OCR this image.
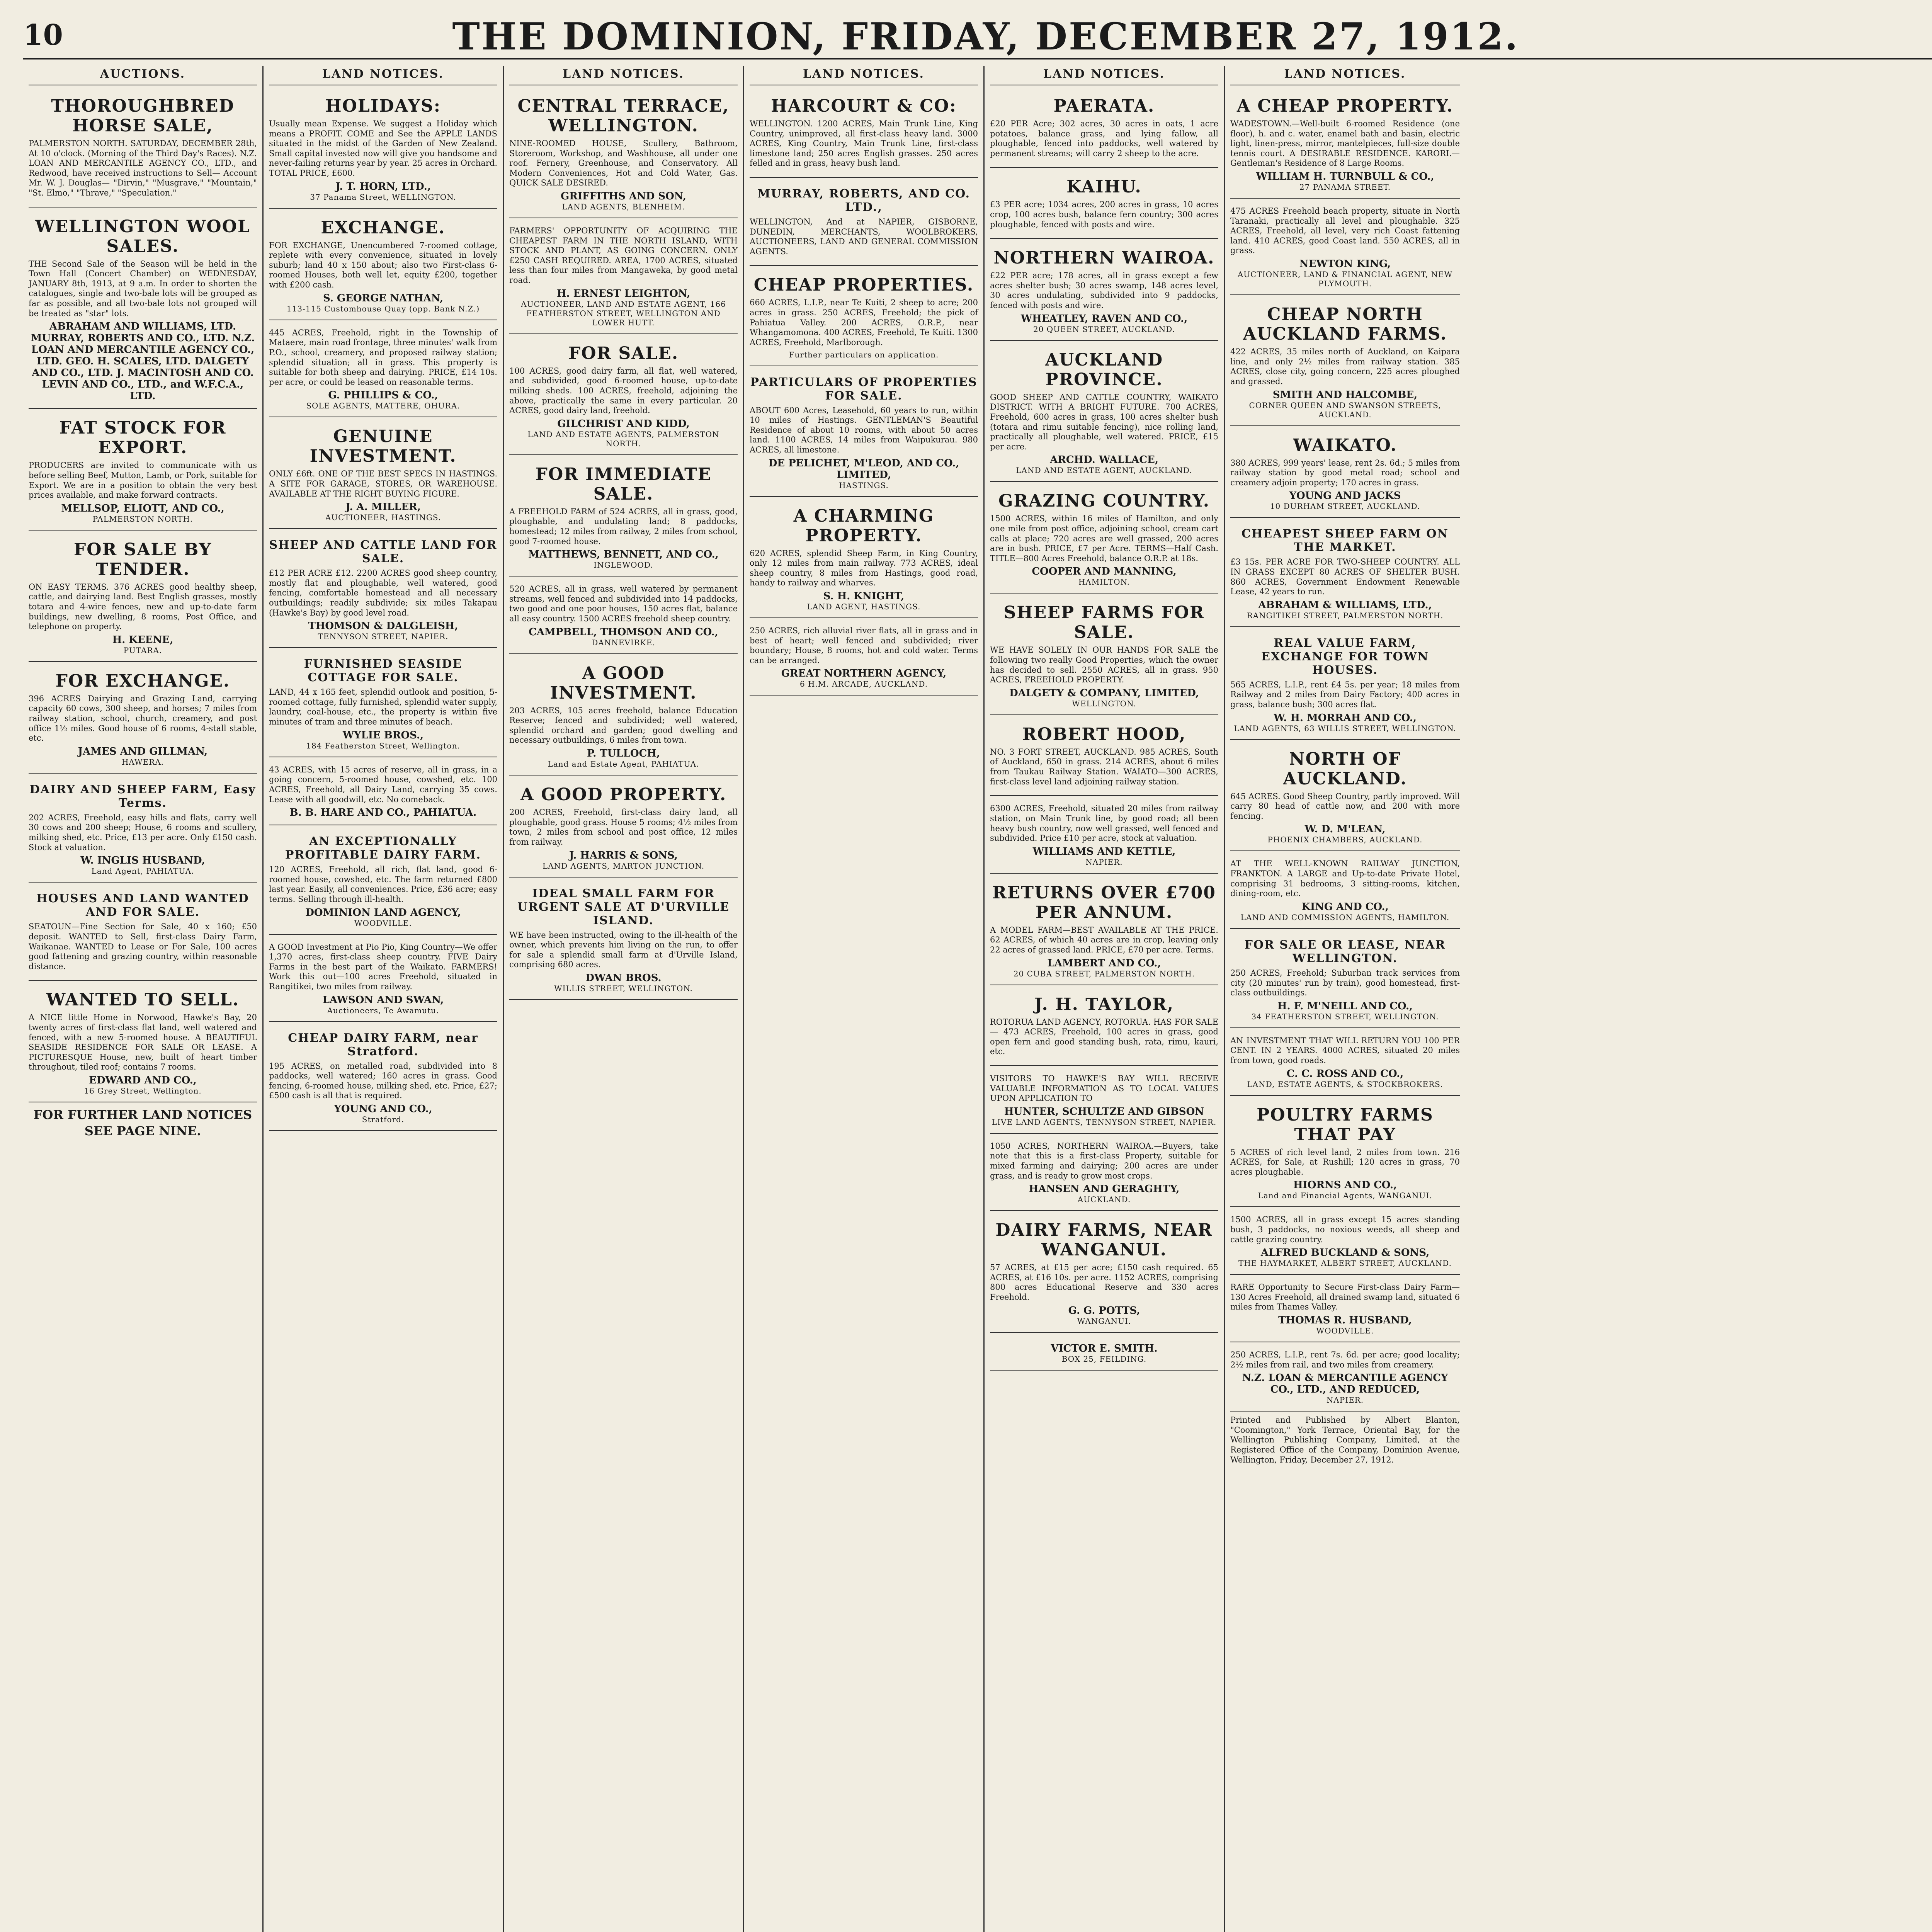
10	THE DOMINION, FRIDAY, DECEMBER 27, 1912.
AUCTIONS.
THOROUGHBRED HORSE SALE,
PALMERSTON NORTH. SATURDAY, DECEMBER 28th, At 10 o'clock. (Morning of the Third Day's Races). N.Z. LOAN AND MERCANTILE AGENCY CO., LTD., and Redwood, have received instructions to Sell— Account Mr. W. J. Douglas— "Dirvin," "Musgrave," "Mountain," "St. Elmo," "Thrave," "Speculation."
WELLINGTON WOOL SALES.
THE Second Sale of the Season will be held in the Town Hall (Concert Chamber) on WEDNESDAY, JANUARY 8th, 1913, at 9 a.m. In order to shorten the catalogues, single and two-bale lots will be grouped as far as possible, and all two-bale lots not grouped will be treated as "star" lots.
ABRAHAM AND WILLIAMS, LTD. MURRAY, ROBERTS AND CO., LTD. N.Z. LOAN AND MERCANTILE AGENCY CO., LTD. GEO. H. SCALES, LTD. DALGETY AND CO., LTD. J. MACINTOSH AND CO. LEVIN AND CO., LTD., and W.F.C.A., LTD.
FAT STOCK FOR EXPORT.
PRODUCERS are invited to communicate with us before selling Beef, Mutton, Lamb, or Pork, suitable for Export. We are in a position to obtain the very best prices available, and make forward contracts.
MELLSOP, ELIOTT, AND CO.,
PALMERSTON NORTH.
FOR SALE BY TENDER.
ON EASY TERMS. 376 ACRES good healthy sheep, cattle, and dairying land. Best English grasses, mostly totara and 4-wire fences, new and up-to-date farm buildings, new dwelling, 8 rooms, Post Office, and telephone on property.
H. KEENE,
PUTARA.
FOR EXCHANGE.
396 ACRES Dairying and Grazing Land, carrying capacity 60 cows, 300 sheep, and horses; 7 miles from railway station, school, church, creamery, and post office 1½ miles. Good house of 6 rooms, 4-stall stable, etc.
JAMES AND GILLMAN,
HAWERA.
DAIRY AND SHEEP FARM, Easy Terms.
202 ACRES, Freehold, easy hills and flats, carry well 30 cows and 200 sheep; House, 6 rooms and scullery, milking shed, etc. Price, £13 per acre. Only £150 cash. Stock at valuation.
W. INGLIS HUSBAND,
Land Agent, PAHIATUA.
HOUSES AND LAND WANTED AND FOR SALE.
SEATOUN—Fine Section for Sale, 40 x 160; £50 deposit. WANTED to Sell, first-class Dairy Farm, Waikanae. WANTED to Lease or For Sale, 100 acres good fattening and grazing country, within reasonable distance.
WANTED TO SELL.
A NICE little Home in Norwood, Hawke's Bay, 20 twenty acres of first-class flat land, well watered and fenced, with a new 5-roomed house. A BEAUTIFUL SEASIDE RESIDENCE FOR SALE OR LEASE. A PICTURESQUE House, new, built of heart timber throughout, tiled roof; contains 7 rooms.
EDWARD AND CO.,
16 Grey Street, Wellington.
FOR FURTHER LAND NOTICES SEE PAGE NINE.
LAND NOTICES.
HOLIDAYS:
Usually mean Expense. We suggest a Holiday which means a PROFIT. COME and See the APPLE LANDS situated in the midst of the Garden of New Zealand. Small capital invested now will give you handsome and never-failing returns year by year. 25 acres in Orchard. TOTAL PRICE, £600.
J. T. HORN, LTD.,
37 Panama Street, WELLINGTON.
EXCHANGE.
FOR EXCHANGE, Unencumbered 7-roomed cottage, replete with every convenience, situated in lovely suburb; land 40 x 150 about; also two First-class 6-roomed Houses, both well let, equity £200, together with £200 cash.
S. GEORGE NATHAN,
113-115 Customhouse Quay (opp. Bank N.Z.)
445 ACRES, Freehold, right in the Township of Mataere, main road frontage, three minutes' walk from P.O., school, creamery, and proposed railway station; splendid situation; all in grass. This property is suitable for both sheep and dairying. PRICE, £14 10s. per acre, or could be leased on reasonable terms.
G. PHILLIPS & CO.,
SOLE AGENTS, MATTERE, OHURA.
GENUINE INVESTMENT.
ONLY £6ft. ONE OF THE BEST SPECS IN HASTINGS. A SITE FOR GARAGE, STORES, OR WAREHOUSE. AVAILABLE AT THE RIGHT BUYING FIGURE.
J. A. MILLER,
AUCTIONEER, HASTINGS.
SHEEP AND CATTLE LAND FOR SALE.
£12 PER ACRE £12. 2200 ACRES good sheep country, mostly flat and ploughable, well watered, good fencing, comfortable homestead and all necessary outbuildings; readily subdivide; six miles Takapau (Hawke's Bay) by good level road.
THOMSON & DALGLEISH,
TENNYSON STREET, NAPIER.
FURNISHED SEASIDE COTTAGE FOR SALE.
LAND, 44 x 165 feet, splendid outlook and position, 5-roomed cottage, fully furnished, splendid water supply, laundry, coal-house, etc., the property is within five minutes of tram and three minutes of beach.
WYLIE BROS.,
184 Featherston Street, Wellington.
43 ACRES, with 15 acres of reserve, all in grass, in a going concern, 5-roomed house, cowshed, etc. 100 ACRES, Freehold, all Dairy Land, carrying 35 cows. Lease with all goodwill, etc. No comeback.
B. B. HARE AND CO., PAHIATUA.
AN EXCEPTIONALLY PROFITABLE DAIRY FARM.
120 ACRES, Freehold, all rich, flat land, good 6-roomed house, cowshed, etc. The farm returned £800 last year. Easily, all conveniences. Price, £36 acre; easy terms. Selling through ill-health.
DOMINION LAND AGENCY,
WOODVILLE.
A GOOD Investment at Pio Pio, King Country—We offer 1,370 acres, first-class sheep country. FIVE Dairy Farms in the best part of the Waikato. FARMERS! Work this out—100 acres Freehold, situated in Rangitikei, two miles from railway.
LAWSON AND SWAN,
Auctioneers, Te Awamutu.
CHEAP DAIRY FARM, near Stratford.
195 ACRES, on metalled road, subdivided into 8 paddocks, well watered; 160 acres in grass. Good fencing, 6-roomed house, milking shed, etc. Price, £27; £500 cash is all that is required.
YOUNG AND CO.,
Stratford.
LAND NOTICES.
CENTRAL TERRACE, WELLINGTON.
NINE-ROOMED HOUSE, Scullery, Bathroom, Storeroom, Workshop, and Washhouse, all under one roof. Fernery, Greenhouse, and Conservatory. All Modern Conveniences, Hot and Cold Water, Gas. QUICK SALE DESIRED.
GRIFFITHS AND SON,
LAND AGENTS, BLENHEIM.
FARMERS' OPPORTUNITY OF ACQUIRING THE CHEAPEST FARM IN THE NORTH ISLAND, WITH STOCK AND PLANT, AS GOING CONCERN. ONLY £250 CASH REQUIRED. AREA, 1700 ACRES, situated less than four miles from Mangaweka, by good metal road.
H. ERNEST LEIGHTON,
AUCTIONEER, LAND AND ESTATE AGENT, 166 FEATHERSTON STREET, WELLINGTON AND LOWER HUTT.
FOR SALE.
100 ACRES, good dairy farm, all flat, well watered, and subdivided, good 6-roomed house, up-to-date milking sheds. 100 ACRES, freehold, adjoining the above, practically the same in every particular. 20 ACRES, good dairy land, freehold.
GILCHRIST AND KIDD,
LAND AND ESTATE AGENTS, PALMERSTON NORTH.
FOR IMMEDIATE SALE.
A FREEHOLD FARM of 524 ACRES, all in grass, good, ploughable, and undulating land; 8 paddocks, homestead; 12 miles from railway, 2 miles from school, good 7-roomed house.
MATTHEWS, BENNETT, AND CO.,
INGLEWOOD.
520 ACRES, all in grass, well watered by permanent streams, well fenced and subdivided into 14 paddocks, two good and one poor houses, 150 acres flat, balance all easy country. 1500 ACRES freehold sheep country.
CAMPBELL, THOMSON AND CO.,
DANNEVIRKE.
A GOOD INVESTMENT.
203 ACRES, 105 acres freehold, balance Education Reserve; fenced and subdivided; well watered, splendid orchard and garden; good dwelling and necessary outbuildings, 6 miles from town.
P. TULLOCH,
Land and Estate Agent, PAHIATUA.
A GOOD PROPERTY.
200 ACRES, Freehold, first-class dairy land, all ploughable, good grass. House 5 rooms; 4½ miles from town, 2 miles from school and post office, 12 miles from railway.
J. HARRIS & SONS,
LAND AGENTS, MARTON JUNCTION.
IDEAL SMALL FARM FOR URGENT SALE AT D'URVILLE ISLAND.
WE have been instructed, owing to the ill-health of the owner, which prevents him living on the run, to offer for sale a splendid small farm at d'Urville Island, comprising 680 acres.
DWAN BROS.
WILLIS STREET, WELLINGTON.
LAND NOTICES.
HARCOURT & CO:
WELLINGTON. 1200 ACRES, Main Trunk Line, King Country, unimproved, all first-class heavy land. 3000 ACRES, King Country, Main Trunk Line, first-class limestone land; 250 acres English grasses. 250 acres felled and in grass, heavy bush land.
MURRAY, ROBERTS, AND CO. LTD.,
WELLINGTON, And at NAPIER, GISBORNE, DUNEDIN, MERCHANTS, WOOLBROKERS, AUCTIONEERS, LAND AND GENERAL COMMISSION AGENTS.
CHEAP PROPERTIES.
660 ACRES, L.I.P., near Te Kuiti, 2 sheep to acre; 200 acres in grass. 250 ACRES, Freehold; the pick of Pahiatua Valley. 200 ACRES, O.R.P., near Whangamomona. 400 ACRES, Freehold, Te Kuiti. 1300 ACRES, Freehold, Marlborough.
Further particulars on application.
PARTICULARS OF PROPERTIES FOR SALE.
ABOUT 600 Acres, Leasehold, 60 years to run, within 10 miles of Hastings. GENTLEMAN'S Beautiful Residence of about 10 rooms, with about 50 acres land. 1100 ACRES, 14 miles from Waipukurau. 980 ACRES, all limestone.
DE PELICHET, M'LEOD, AND CO., LIMITED,
HASTINGS.
A CHARMING PROPERTY.
620 ACRES, splendid Sheep Farm, in King Country, only 12 miles from main railway. 773 ACRES, ideal sheep country, 8 miles from Hastings, good road, handy to railway and wharves.
S. H. KNIGHT,
LAND AGENT, HASTINGS.
250 ACRES, rich alluvial river flats, all in grass and in best of heart; well fenced and subdivided; river boundary; House, 8 rooms, hot and cold water. Terms can be arranged.
GREAT NORTHERN AGENCY,
6 H.M. ARCADE, AUCKLAND.
LAND NOTICES.
PAERATA.
£20 PER Acre; 302 acres, 30 acres in oats, 1 acre potatoes, balance grass, and lying fallow, all ploughable, fenced into paddocks, well watered by permanent streams; will carry 2 sheep to the acre.
KAIHU.
£3 PER acre; 1034 acres, 200 acres in grass, 10 acres crop, 100 acres bush, balance fern country; 300 acres ploughable, fenced with posts and wire.
NORTHERN WAIROA.
£22 PER acre; 178 acres, all in grass except a few acres shelter bush; 30 acres swamp, 148 acres level, 30 acres undulating, subdivided into 9 paddocks, fenced with posts and wire.
WHEATLEY, RAVEN AND CO.,
20 QUEEN STREET, AUCKLAND.
AUCKLAND PROVINCE.
GOOD SHEEP AND CATTLE COUNTRY, WAIKATO DISTRICT. WITH A BRIGHT FUTURE. 700 ACRES, Freehold, 600 acres in grass, 100 acres shelter bush (totara and rimu suitable fencing), nice rolling land, practically all ploughable, well watered. PRICE, £15 per acre.
ARCHD. WALLACE,
LAND AND ESTATE AGENT, AUCKLAND.
GRAZING COUNTRY.
1500 ACRES, within 16 miles of Hamilton, and only one mile from post office, adjoining school, cream cart calls at place; 720 acres are well grassed, 200 acres are in bush. PRICE, £7 per Acre. TERMS—Half Cash. TITLE—800 Acres Freehold, balance O.R.P. at 18s.
COOPER AND MANNING,
HAMILTON.
SHEEP FARMS FOR SALE.
WE HAVE SOLELY IN OUR HANDS FOR SALE the following two really Good Properties, which the owner has decided to sell. 2550 ACRES, all in grass. 950 ACRES, FREEHOLD PROPERTY.
DALGETY & COMPANY, LIMITED,
WELLINGTON.
ROBERT HOOD,
NO. 3 FORT STREET, AUCKLAND. 985 ACRES, South of Auckland, 650 in grass. 214 ACRES, about 6 miles from Taukau Railway Station. WAIATO—300 ACRES, first-class level land adjoining railway station.
6300 ACRES, Freehold, situated 20 miles from railway station, on Main Trunk line, by good road; all been heavy bush country, now well grassed, well fenced and subdivided. Price £10 per acre, stock at valuation.
WILLIAMS AND KETTLE,
NAPIER.
RETURNS OVER £700 PER ANNUM.
A MODEL FARM—BEST AVAILABLE AT THE PRICE. 62 ACRES, of which 40 acres are in crop, leaving only 22 acres of grassed land. PRICE, £70 per acre. Terms.
LAMBERT AND CO.,
20 CUBA STREET, PALMERSTON NORTH.
J. H. TAYLOR,
ROTORUA LAND AGENCY, ROTORUA. HAS FOR SALE— 473 ACRES, Freehold, 100 acres in grass, good open fern and good standing bush, rata, rimu, kauri, etc.
VISITORS TO HAWKE'S BAY WILL RECEIVE VALUABLE INFORMATION AS TO LOCAL VALUES UPON APPLICATION TO
HUNTER, SCHULTZE AND GIBSON
LIVE LAND AGENTS, TENNYSON STREET, NAPIER.
1050 ACRES, NORTHERN WAIROA.—Buyers, take note that this is a first-class Property, suitable for mixed farming and dairying; 200 acres are under grass, and is ready to grow most crops.
HANSEN AND GERAGHTY,
AUCKLAND.
DAIRY FARMS, NEAR WANGANUI.
57 ACRES, at £15 per acre; £150 cash required. 65 ACRES, at £16 10s. per acre. 1152 ACRES, comprising 800 acres Educational Reserve and 330 acres Freehold.
G. G. POTTS,
WANGANUI.
VICTOR E. SMITH.
BOX 25, FEILDING.
LAND NOTICES.
A CHEAP PROPERTY.
WADESTOWN.—Well-built 6-roomed Residence (one floor), h. and c. water, enamel bath and basin, electric light, linen-press, mirror, mantelpieces, full-size double tennis court. A DESIRABLE RESIDENCE. KARORI.—Gentleman's Residence of 8 Large Rooms.
WILLIAM H. TURNBULL & CO.,
27 PANAMA STREET.
475 ACRES Freehold beach property, situate in North Taranaki, practically all level and ploughable. 325 ACRES, Freehold, all level, very rich Coast fattening land. 410 ACRES, good Coast land. 550 ACRES, all in grass.
NEWTON KING,
AUCTIONEER, LAND & FINANCIAL AGENT, NEW PLYMOUTH.
CHEAP NORTH AUCKLAND FARMS.
422 ACRES, 35 miles north of Auckland, on Kaipara line, and only 2½ miles from railway station. 385 ACRES, close city, going concern, 225 acres ploughed and grassed.
SMITH AND HALCOMBE,
CORNER QUEEN AND SWANSON STREETS, AUCKLAND.
WAIKATO.
380 ACRES, 999 years' lease, rent 2s. 6d.; 5 miles from railway station by good metal road; school and creamery adjoin property; 170 acres in grass.
YOUNG AND JACKS
10 DURHAM STREET, AUCKLAND.
CHEAPEST SHEEP FARM ON THE MARKET.
£3 15s. PER ACRE FOR TWO-SHEEP COUNTRY. ALL IN GRASS EXCEPT 80 ACRES OF SHELTER BUSH. 860 ACRES, Government Endowment Renewable Lease, 42 years to run.
ABRAHAM & WILLIAMS, LTD.,
RANGITIKEI STREET, PALMERSTON NORTH.
REAL VALUE FARM, EXCHANGE FOR TOWN HOUSES.
565 ACRES, L.I.P., rent £4 5s. per year; 18 miles from Railway and 2 miles from Dairy Factory; 400 acres in grass, balance bush; 300 acres flat.
W. H. MORRAH AND CO.,
LAND AGENTS, 63 WILLIS STREET, WELLINGTON.
NORTH OF AUCKLAND.
645 ACRES. Good Sheep Country, partly improved. Will carry 80 head of cattle now, and 200 with more fencing.
W. D. M'LEAN,
PHOENIX CHAMBERS, AUCKLAND.
AT THE WELL-KNOWN RAILWAY JUNCTION, FRANKTON. A LARGE and Up-to-date Private Hotel, comprising 31 bedrooms, 3 sitting-rooms, kitchen, dining-room, etc.
KING AND CO.,
LAND AND COMMISSION AGENTS, HAMILTON.
FOR SALE OR LEASE, NEAR WELLINGTON.
250 ACRES, Freehold; Suburban track services from city (20 minutes' run by train), good homestead, first-class outbuildings.
H. F. M'NEILL AND CO.,
34 FEATHERSTON STREET, WELLINGTON.
AN INVESTMENT THAT WILL RETURN YOU 100 PER CENT. IN 2 YEARS. 4000 ACRES, situated 20 miles from town, good roads.
C. C. ROSS AND CO.,
LAND, ESTATE AGENTS, & STOCKBROKERS.
POULTRY FARMS THAT PAY
5 ACRES of rich level land, 2 miles from town. 216 ACRES, for Sale, at Rushill; 120 acres in grass, 70 acres ploughable.
HIORNS AND CO.,
Land and Financial Agents, WANGANUI.
1500 ACRES, all in grass except 15 acres standing bush, 3 paddocks, no noxious weeds, all sheep and cattle grazing country.
ALFRED BUCKLAND & SONS,
THE HAYMARKET, ALBERT STREET, AUCKLAND.
RARE Opportunity to Secure First-class Dairy Farm—130 Acres Freehold, all drained swamp land, situated 6 miles from Thames Valley.
THOMAS R. HUSBAND,
WOODVILLE.
250 ACRES, L.I.P., rent 7s. 6d. per acre; good locality; 2½ miles from rail, and two miles from creamery.
N.Z. LOAN & MERCANTILE AGENCY CO., LTD., AND REDUCED,
NAPIER.
Printed and Published by Albert Blanton, "Coomington," York Terrace, Oriental Bay, for the Wellington Publishing Company, Limited, at the Registered Office of the Company, Dominion Avenue, Wellington, Friday, December 27, 1912.
